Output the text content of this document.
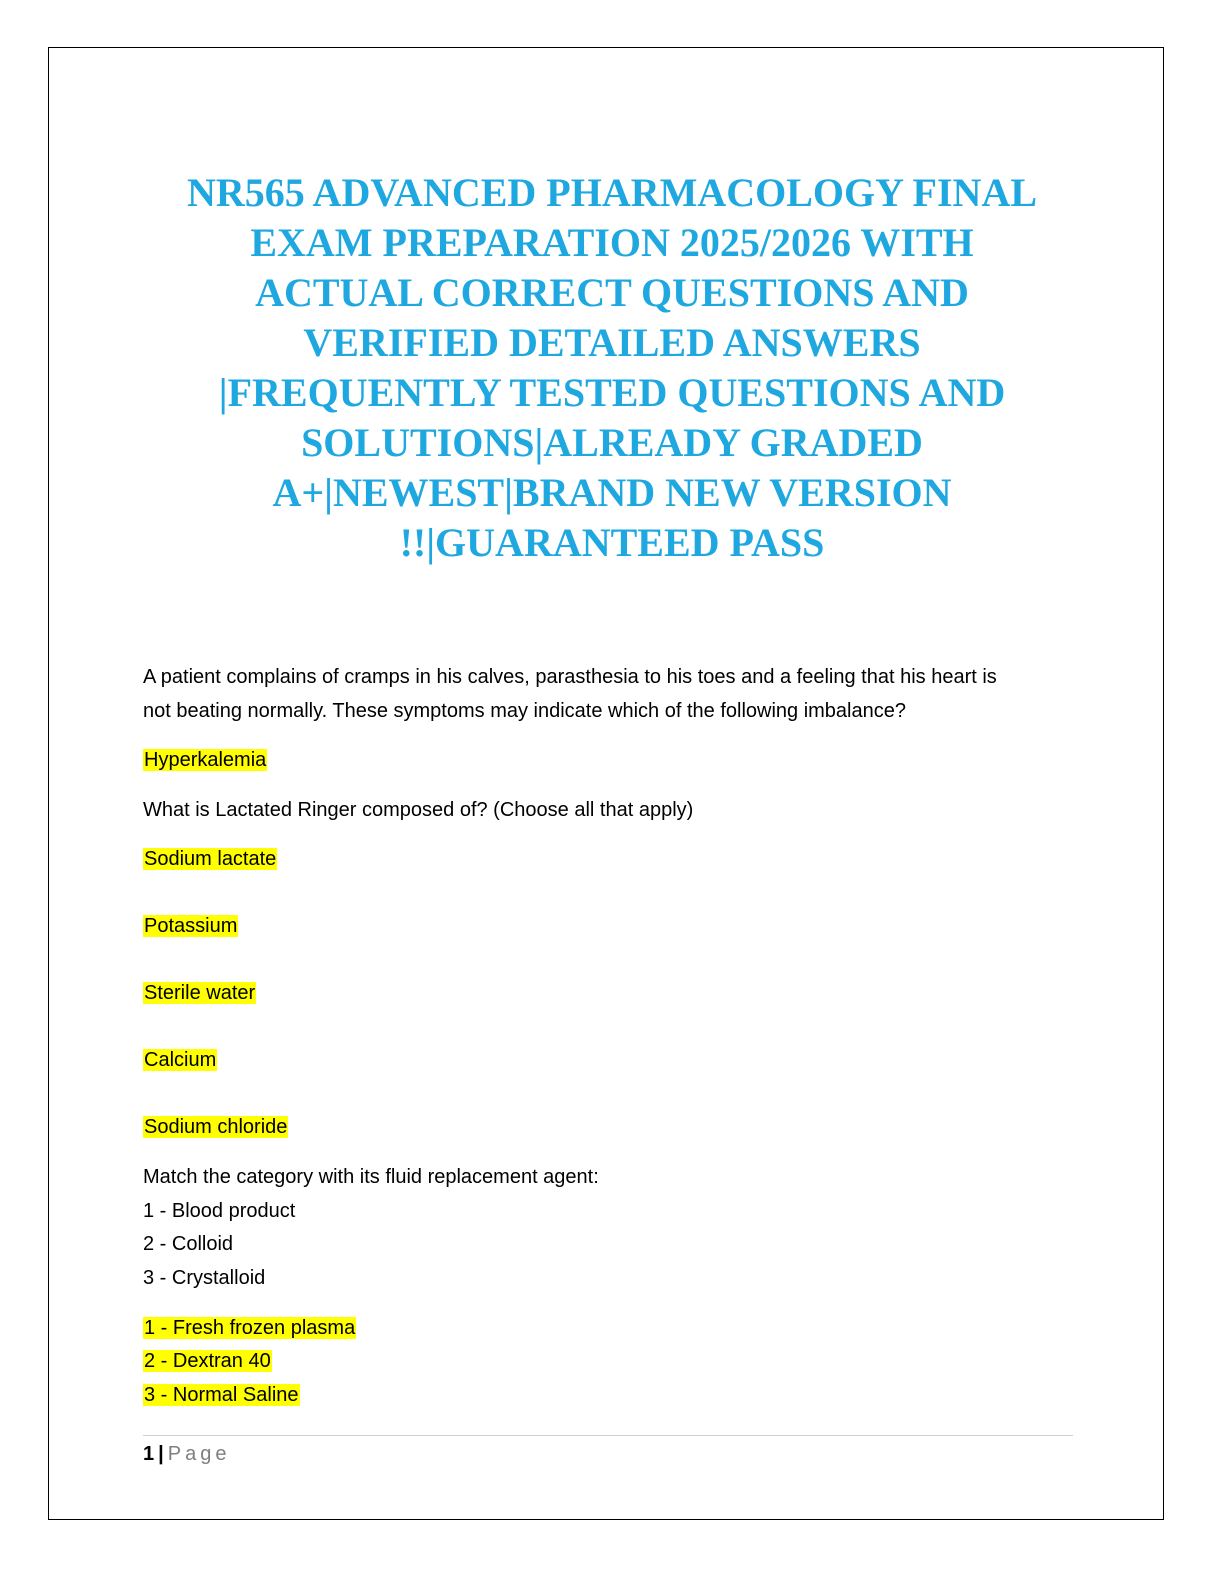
NR565 ADVANCED PHARMACOLOGY FINAL
EXAM PREPARATION 2025/2026 WITH
ACTUAL CORRECT QUESTIONS AND
VERIFIED DETAILED ANSWERS
|FREQUENTLY TESTED QUESTIONS AND
SOLUTIONS|ALREADY GRADED
A+|NEWEST|BRAND NEW VERSION
!!|GUARANTEED PASS
A patient complains of cramps in his calves, parasthesia to his toes and a feeling that his heart is
not beating normally. These symptoms may indicate which of the following imbalance?
Hyperkalemia
What is Lactated Ringer composed of? (Choose all that apply)
Sodium lactate
Potassium
Sterile water
Calcium
Sodium chloride
Match the category with its fluid replacement agent:
1 - Blood product
2 - Colloid
3 - Crystalloid
1 - Fresh frozen plasma
2 - Dextran 40
3 - Normal Saline
1 | Page
